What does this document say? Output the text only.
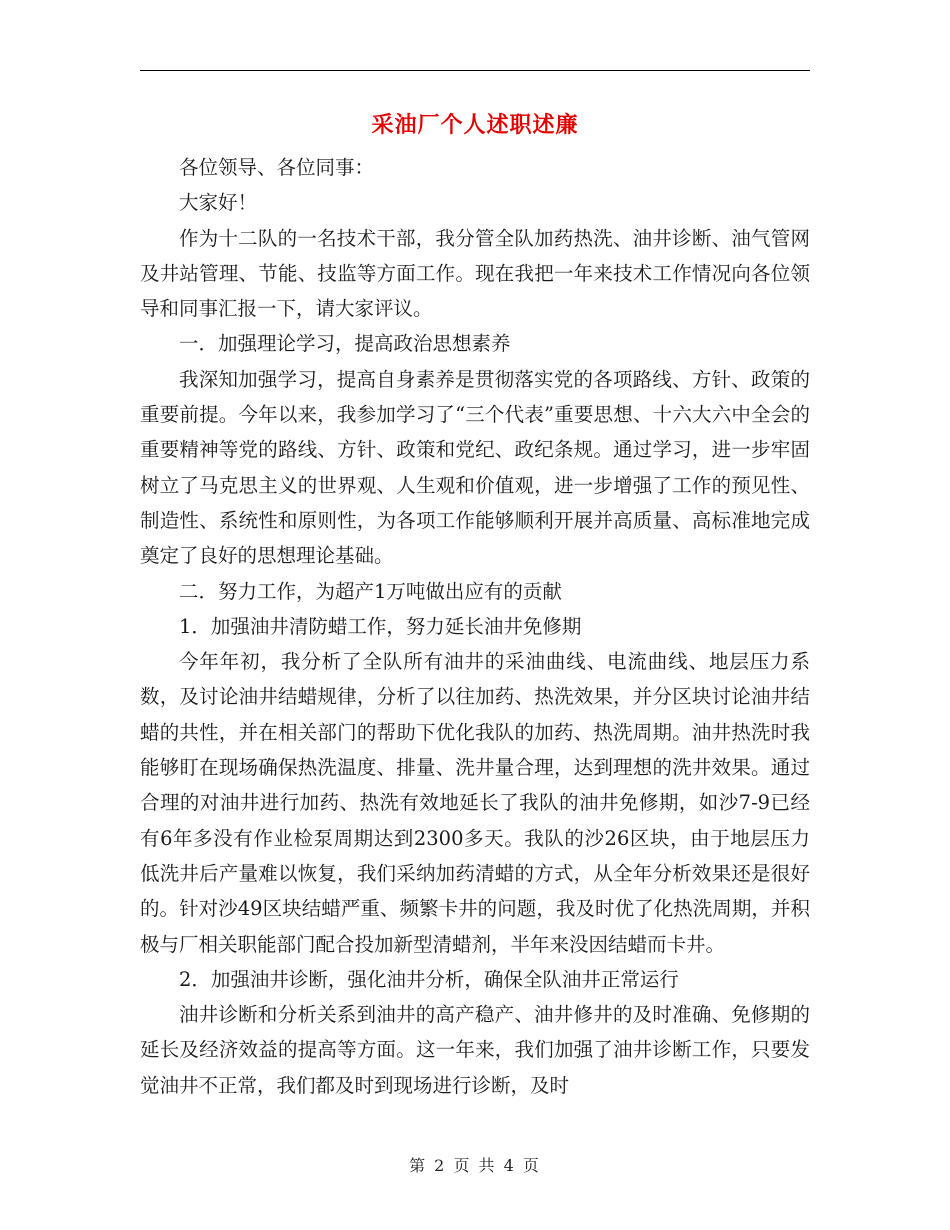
采油厂个人述职述廉

各位领导、各位同事：

大家好！

作为十二队的一名技术干部，我分管全队加药热洗、油井诊断、油气管网及井站管理、节能、技监等方面工作。现在我把一年来技术工作情况向各位领导和同事汇报一下，请大家评议。

一．加强理论学习，提高政治思想素养

我深知加强学习，提高自身素养是贯彻落实党的各项路线、方针、政策的重要前提。今年以来，我参加学习了“三个代表”重要思想、十六大六中全会的重要精神等党的路线、方针、政策和党纪、政纪条规。通过学习，进一步牢固树立了马克思主义的世界观、人生观和价值观，进一步增强了工作的预见性、制造性、系统性和原则性，为各项工作能够顺利开展并高质量、高标准地完成奠定了良好的思想理论基础。

二．努力工作，为超产1万吨做出应有的贡献

1．加强油井清防蜡工作，努力延长油井免修期

今年年初，我分析了全队所有油井的采油曲线、电流曲线、地层压力系数，及讨论油井结蜡规律，分析了以往加药、热洗效果，并分区块讨论油井结蜡的共性，并在相关部门的帮助下优化我队的加药、热洗周期。油井热洗时我能够盯在现场确保热洗温度、排量、洗井量合理，达到理想的洗井效果。通过合理的对油井进行加药、热洗有效地延长了我队的油井免修期，如沙7-9已经有6年多没有作业检泵周期达到2300多天。我队的沙26区块，由于地层压力低洗井后产量难以恢复，我们采纳加药清蜡的方式，从全年分析效果还是很好的。针对沙49区块结蜡严重、频繁卡井的问题，我及时优了化热洗周期，并积极与厂相关职能部门配合投加新型清蜡剂，半年来没因结蜡而卡井。

2．加强油井诊断，强化油井分析，确保全队油井正常运行

油井诊断和分析关系到油井的高产稳产、油井修井的及时准确、免修期的延长及经济效益的提高等方面。这一年来，我们加强了油井诊断工作，只要发觉油井不正常，我们都及时到现场进行诊断，及时

第 2 页 共 4 页
